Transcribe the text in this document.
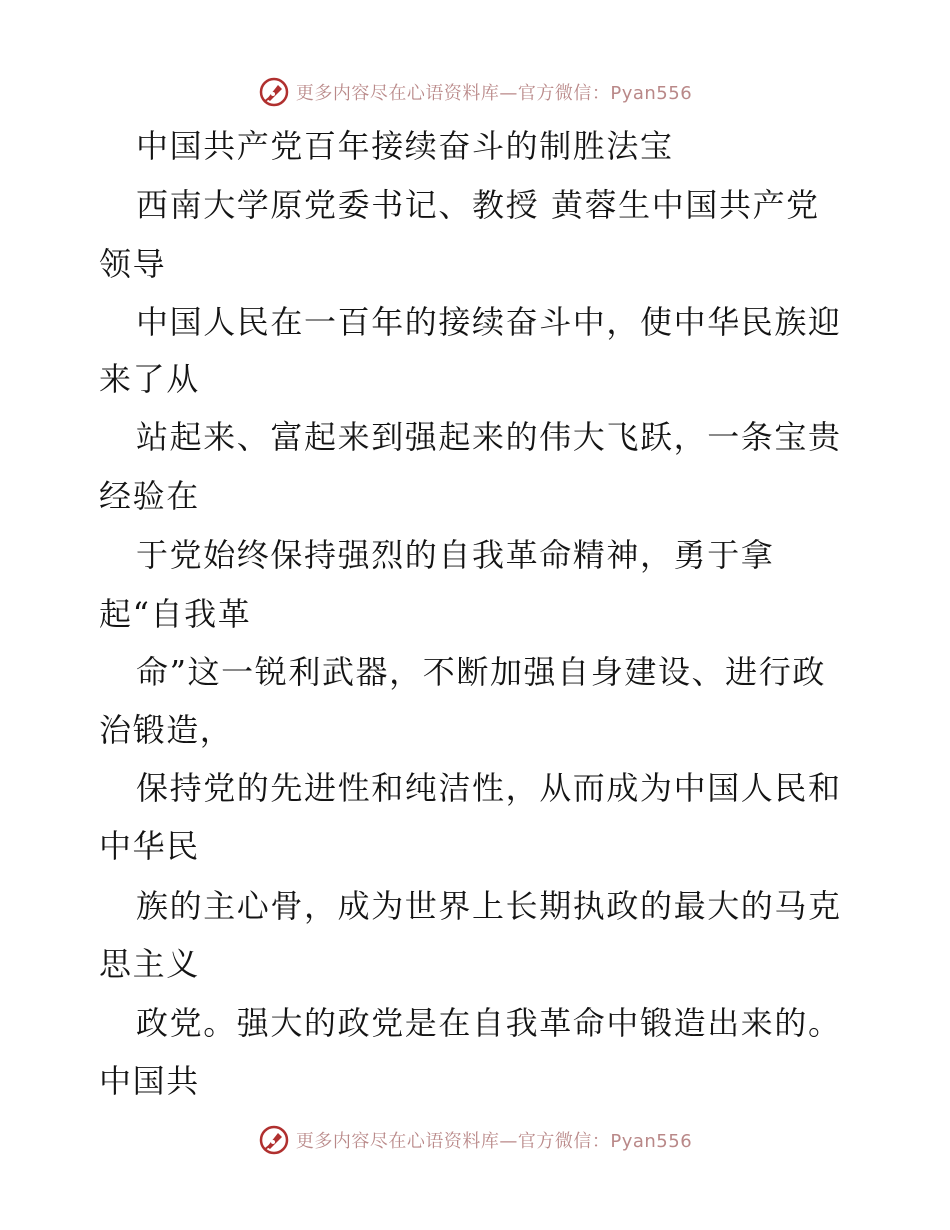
更多内容尽在心语资料库—官方微信：Pyan556
中国共产党百年接续奋斗的制胜法宝
西南大学原党委书记、教授 黄蓉生中国共产党
领导
中国人民在一百年的接续奋斗中，使中华民族迎
来了从
站起来、富起来到强起来的伟大飞跃，一条宝贵
经验在
于党始终保持强烈的自我革命精神，勇于拿
起“自我革
命”这一锐利武器，不断加强自身建设、进行政
治锻造，
保持党的先进性和纯洁性，从而成为中国人民和
中华民
族的主心骨，成为世界上长期执政的最大的马克
思主义
政党。强大的政党是在自我革命中锻造出来的。
中国共
更多内容尽在心语资料库—官方微信：Pyan556
